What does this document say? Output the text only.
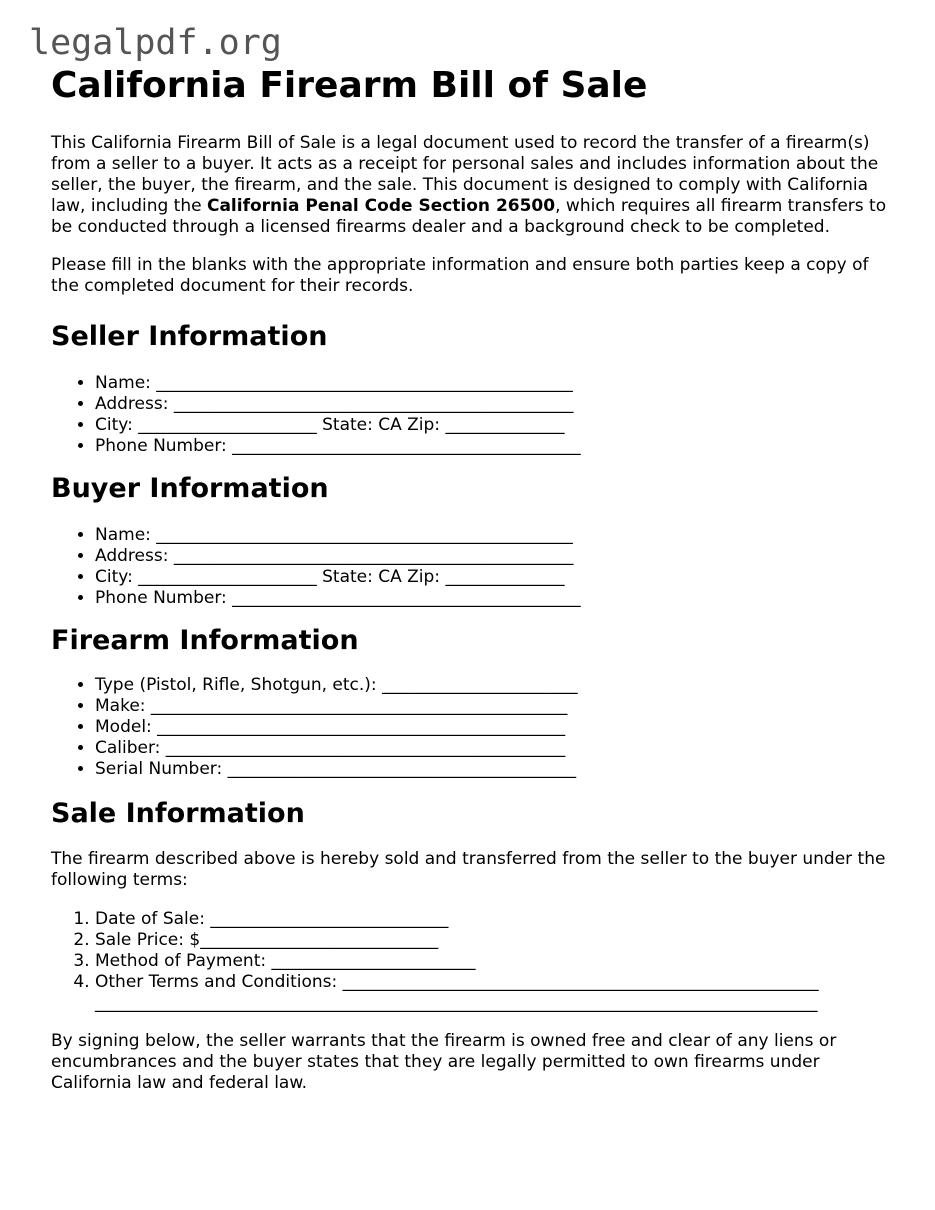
legalpdf.org
California Firearm Bill of Sale

This California Firearm Bill of Sale is a legal document used to record the transfer of a firearm(s) from a seller to a buyer. It acts as a receipt for personal sales and includes information about the seller, the buyer, the firearm, and the sale. This document is designed to comply with California law, including the California Penal Code Section 26500, which requires all firearm transfers to be conducted through a licensed firearms dealer and a background check to be completed.

Please fill in the blanks with the appropriate information and ensure both parties keep a copy of the completed document for their records.

Seller Information
• Name: _________________________________________________
• Address: _______________________________________________
• City: _____________________ State: CA Zip: ______________
• Phone Number: _________________________________________
Buyer Information
• Name: _________________________________________________
• Address: _______________________________________________
• City: _____________________ State: CA Zip: ______________
• Phone Number: _________________________________________
Firearm Information
• Type (Pistol, Rifle, Shotgun, etc.): _______________________
• Make: _________________________________________________
• Model: ________________________________________________
• Caliber: _______________________________________________
• Serial Number: _________________________________________
Sale Information

The firearm described above is hereby sold and transferred from the seller to the buyer under the following terms:

1. Date of Sale: ____________________________
2. Sale Price: $____________________________
3. Method of Payment: ________________________
4. Other Terms and Conditions: ________________________________________________________
_____________________________________________________________________________________

By signing below, the seller warrants that the firearm is owned free and clear of any liens or encumbrances and the buyer states that they are legally permitted to own firearms under California law and federal law.
